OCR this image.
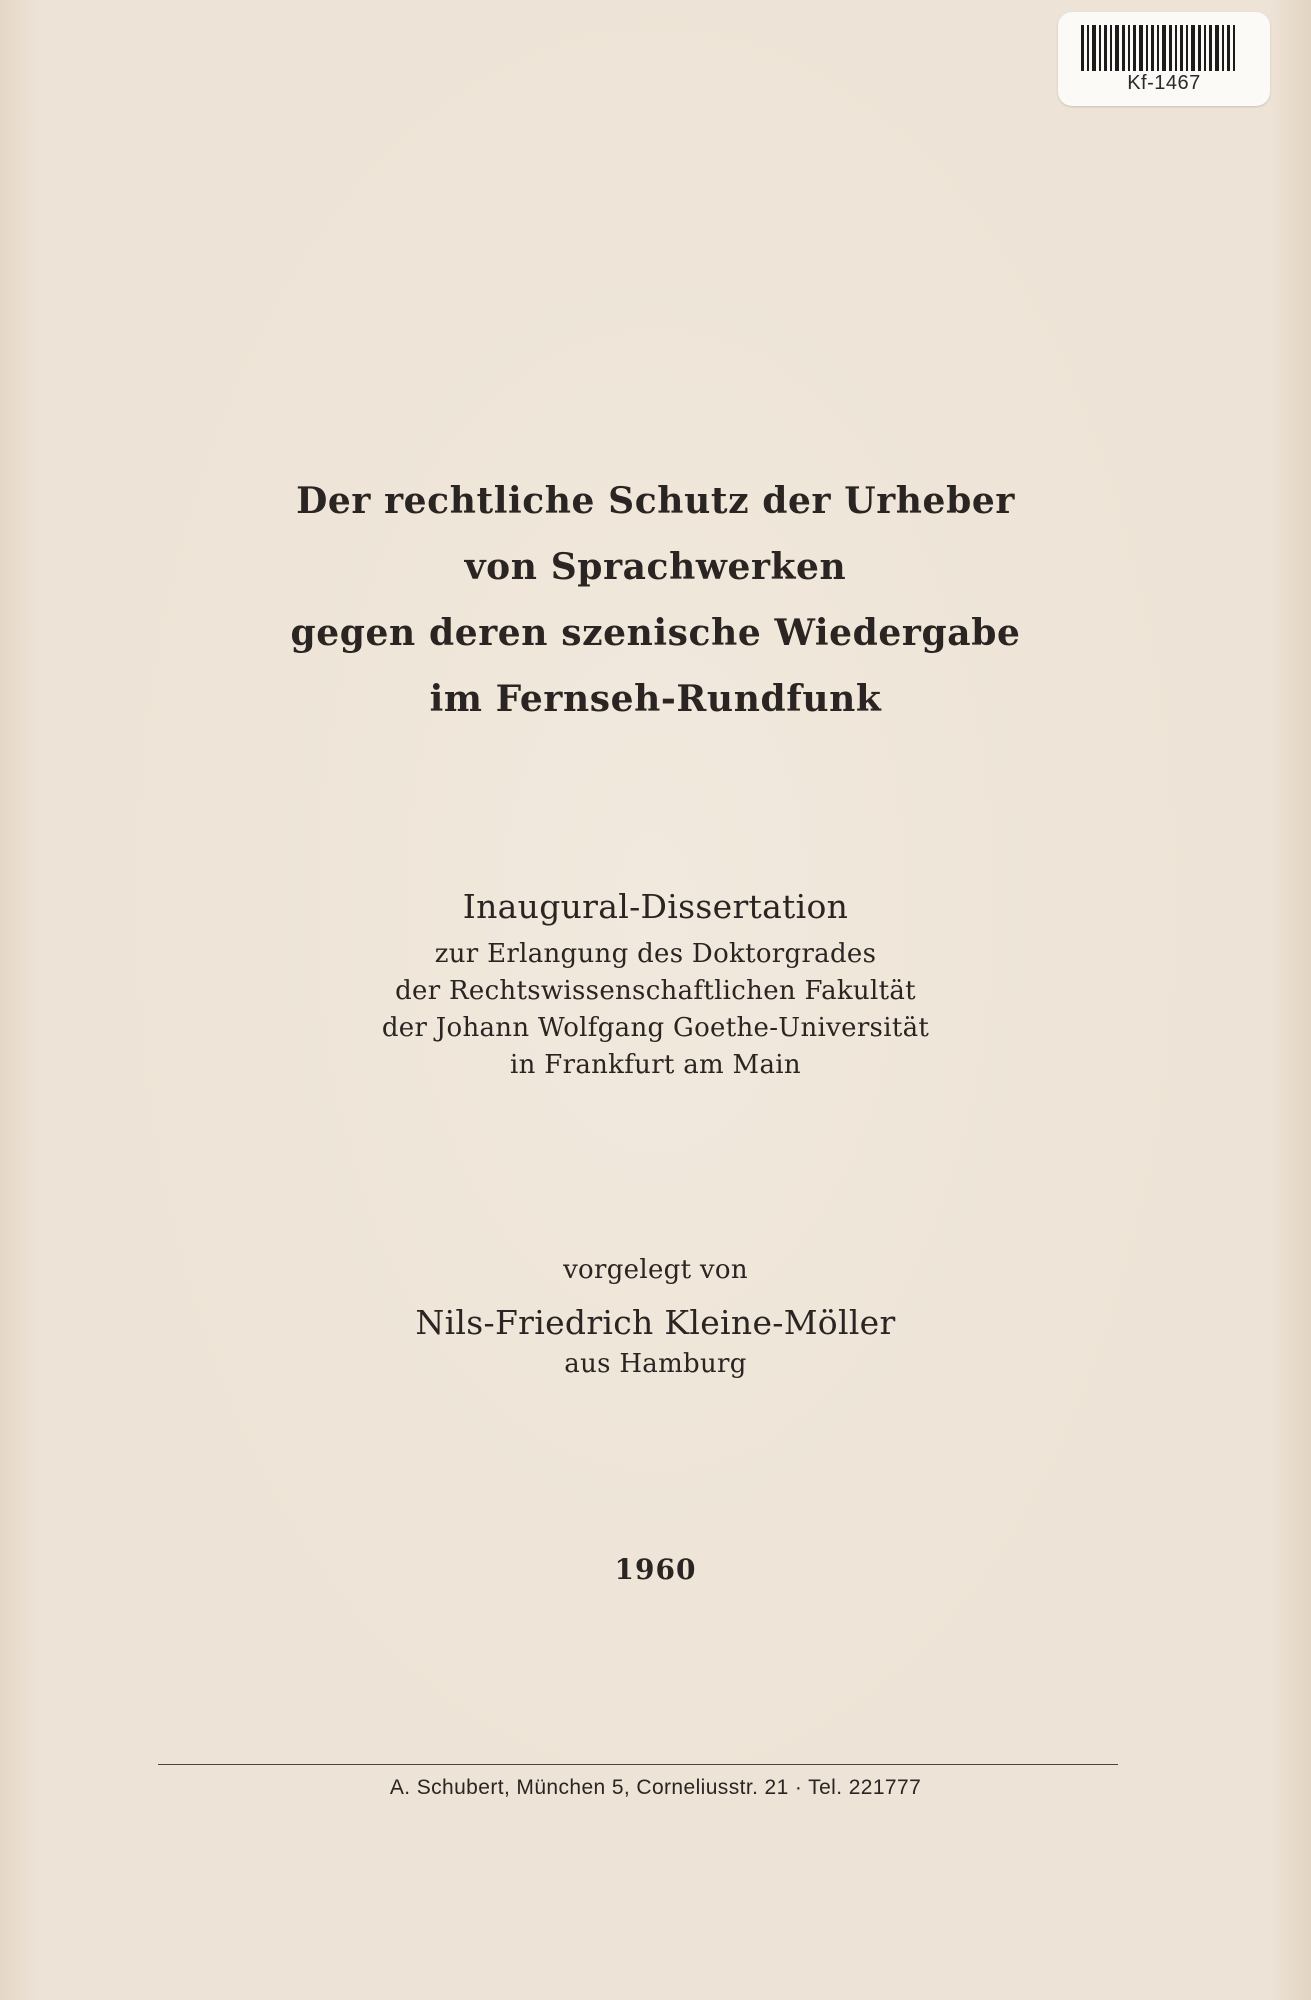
Kf-1467
Der rechtliche Schutz der Urheber
von Sprachwerken
gegen deren szenische Wiedergabe
im Fernseh-Rundfunk
Inaugural-Dissertation
zur Erlangung des Doktorgrades
der Rechtswissenschaftlichen Fakultät
der Johann Wolfgang Goethe-Universität
in Frankfurt am Main
vorgelegt von
Nils-Friedrich Kleine-Möller
aus Hamburg
1960
A. Schubert, München 5, Corneliusstr. 21 · Tel. 221777
